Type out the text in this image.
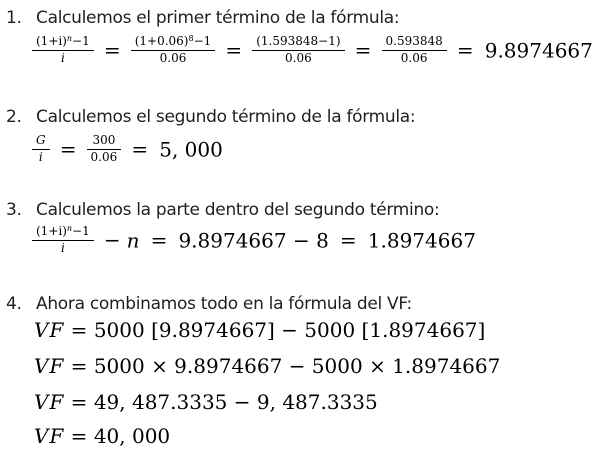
1. Calculemos el primer término de la fórmula:
$\frac{(1+i)^n-1}{i} = \frac{(1+0.06)^8-1}{0.06} = \frac{(1.593848-1)}{0.06} = \frac{0.593848}{0.06} = 9.8974667$
2. Calculemos el segundo término de la fórmula:
$\frac{G}{i} = \frac{300}{0.06} = 5$, 000
3. Calculemos la parte dentro del segundo término:
$\frac{(1+i)^n-1}{i} - n = 9.8974667 - 8 = 1.8974667$
4. Ahora combinamos todo en la fórmula del VF:
VF = 5000 [9.8974667] − 5000 [1.8974667]
VF = 5000 × 9.8974667 − 5000 × 1.8974667
VF = 49, 487.3335 − 9, 487.3335
VF = 40, 000
